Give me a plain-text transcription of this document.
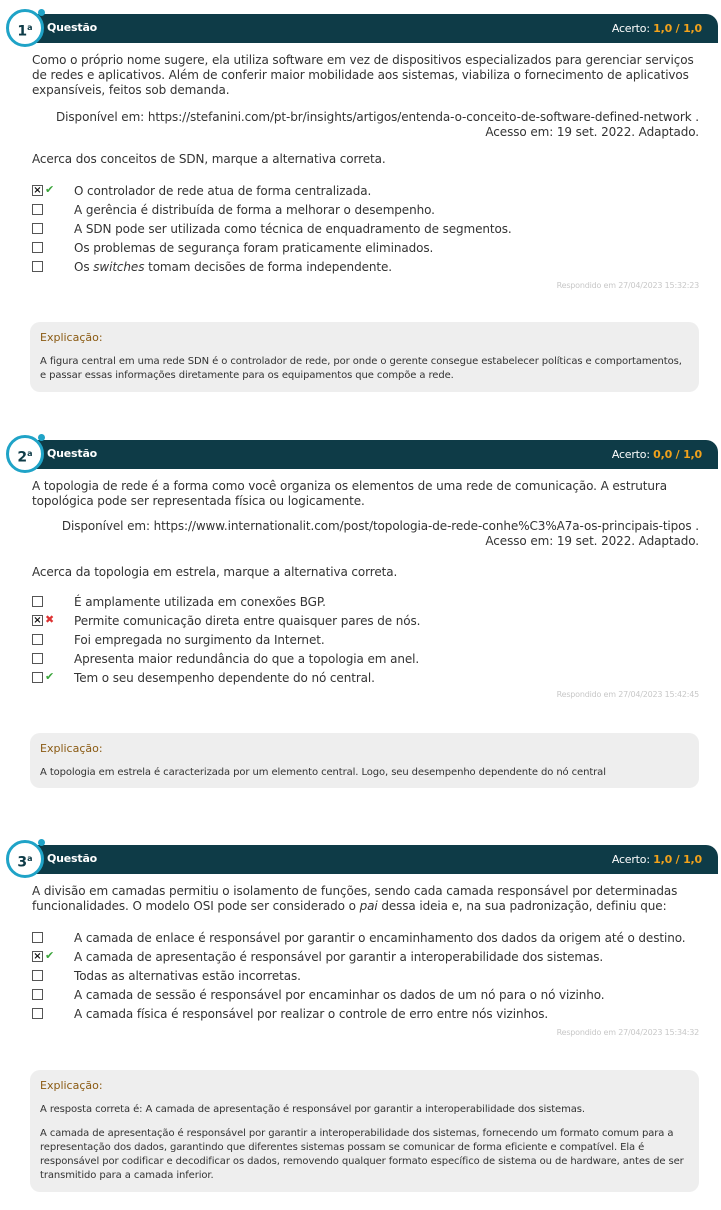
Questão	Acerto: 1,0 / 1,0
1$^a$
Como o próprio nome sugere, ela utiliza software em vez de dispositivos especializados para gerenciar serviços de redes e aplicativos. Além de conferir maior mobilidade aos sistemas, viabiliza o fornecimento de aplicativos expansíveis, feitos sob demanda.
Disponível em: https://stefanini.com/pt-br/insights/artigos/entenda-o-conceito-de-software-defined-network . Acesso em: 19 set. 2022. Adaptado.
Acerca dos conceitos de SDN, marque a alternativa correta.
× ✔ O controlador de rede atua de forma centralizada.
A gerência é distribuída de forma a melhorar o desempenho.
A SDN pode ser utilizada como técnica de enquadramento de segmentos.
Os problemas de segurança foram praticamente eliminados.
Os switches tomam decisões de forma independente.
Respondido em 27/04/2023 15:32:23
Explicação:

A figura central em uma rede SDN é o controlador de rede, por onde o gerente consegue estabelecer políticas e comportamentos, e passar essas informações diretamente para os equipamentos que compõe a rede.

Questão	Acerto: 0,0 / 1,0
2$^a$
A topologia de rede é a forma como você organiza os elementos de uma rede de comunicação. A estrutura topológica pode ser representada física ou logicamente.
Disponível em: https://www.internationalit.com/post/topologia-de-rede-conhe%C3%A7a-os-principais-tipos . Acesso em: 19 set. 2022. Adaptado.
Acerca da topologia em estrela, marque a alternativa correta.
É amplamente utilizada em conexões BGP.
× ✖ Permite comunicação direta entre quaisquer pares de nós.
Foi empregada no surgimento da Internet.
Apresenta maior redundância do que a topologia em anel.
✔ Tem o seu desempenho dependente do nó central.
Respondido em 27/04/2023 15:42:45
Explicação:

A topologia em estrela é caracterizada por um elemento central. Logo, seu desempenho dependente do nó central

Questão	Acerto: 1,0 / 1,0
3$^a$
A divisão em camadas permitiu o isolamento de funções, sendo cada camada responsável por determinadas funcionalidades. O modelo OSI pode ser considerado o pai dessa ideia e, na sua padronização, definiu que:
A camada de enlace é responsável por garantir o encaminhamento dos dados da origem até o destino.
× ✔ A camada de apresentação é responsável por garantir a interoperabilidade dos sistemas.
Todas as alternativas estão incorretas.
A camada de sessão é responsável por encaminhar os dados de um nó para o nó vizinho.
A camada física é responsável por realizar o controle de erro entre nós vizinhos.
Respondido em 27/04/2023 15:34:32
Explicação:

A resposta correta é: A camada de apresentação é responsável por garantir a interoperabilidade dos sistemas.

A camada de apresentação é responsável por garantir a interoperabilidade dos sistemas, fornecendo um formato comum para a representação dos dados, garantindo que diferentes sistemas possam se comunicar de forma eficiente e compatível. Ela é responsável por codificar e decodificar os dados, removendo qualquer formato específico de sistema ou de hardware, antes de ser transmitido para a camada inferior.
